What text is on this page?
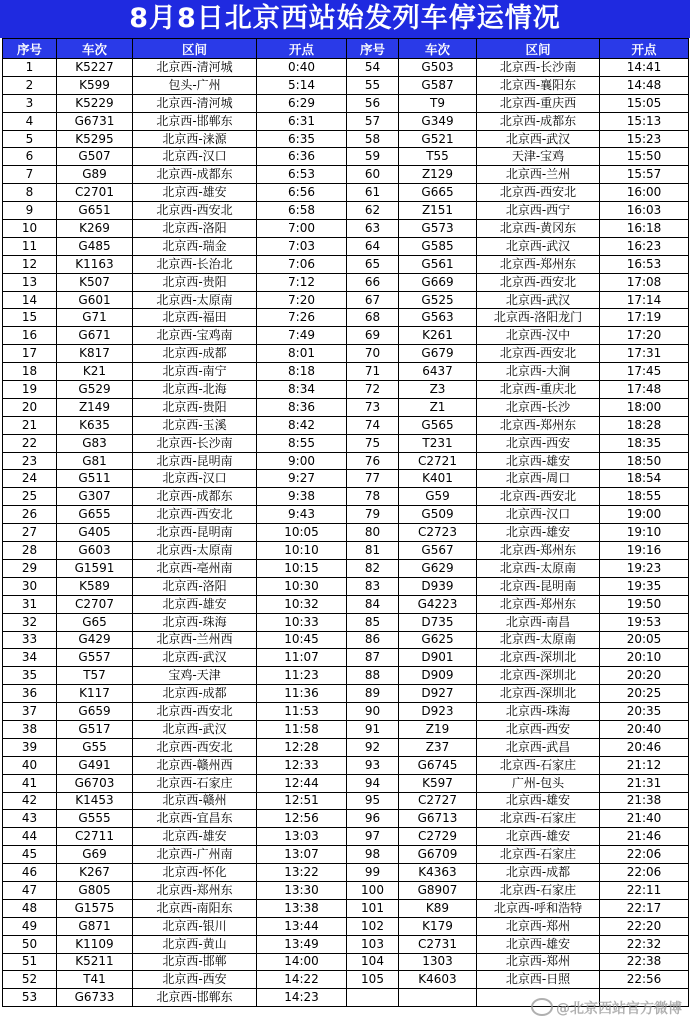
8月8日北京西站始发列车停运情况
序号	车次	区间	开点	序号	车次	区间	开点
1	K5227	北京西-清河城	0:40	54	G503	北京西-长沙南	14:41
2	K599	包头-广州	5:14	55	G587	北京西-襄阳东	14:48
3	K5229	北京西-清河城	6:29	56	T9	北京西-重庆西	15:05
4	G6731	北京西-邯郸东	6:31	57	G349	北京西-成都东	15:13
5	K5295	北京西-涞源	6:35	58	G521	北京西-武汉	15:23
6	G507	北京西-汉口	6:36	59	T55	天津-宝鸡	15:50
7	G89	北京西-成都东	6:53	60	Z129	北京西-兰州	15:57
8	C2701	北京西-雄安	6:56	61	G665	北京西-西安北	16:00
9	G651	北京西-西安北	6:58	62	Z151	北京西-西宁	16:03
10	K269	北京西-洛阳	7:00	63	G573	北京西-黄冈东	16:18
11	G485	北京西-瑞金	7:03	64	G585	北京西-武汉	16:23
12	K1163	北京西-长治北	7:06	65	G561	北京西-郑州东	16:53
13	K507	北京西-贵阳	7:12	66	G669	北京西-西安北	17:08
14	G601	北京西-太原南	7:20	67	G525	北京西-武汉	17:14
15	G71	北京西-福田	7:26	68	G563	北京西-洛阳龙门	17:19
16	G671	北京西-宝鸡南	7:49	69	K261	北京西-汉中	17:20
17	K817	北京西-成都	8:01	70	G679	北京西-西安北	17:31
18	K21	北京西-南宁	8:18	71	6437	北京西-大涧	17:45
19	G529	北京西-北海	8:34	72	Z3	北京西-重庆北	17:48
20	Z149	北京西-贵阳	8:36	73	Z1	北京西-长沙	18:00
21	K635	北京西-玉溪	8:42	74	G565	北京西-郑州东	18:28
22	G83	北京西-长沙南	8:55	75	T231	北京西-西安	18:35
23	G81	北京西-昆明南	9:00	76	C2721	北京西-雄安	18:50
24	G511	北京西-汉口	9:27	77	K401	北京西-周口	18:54
25	G307	北京西-成都东	9:38	78	G59	北京西-西安北	18:55
26	G655	北京西-西安北	9:43	79	G509	北京西-汉口	19:00
27	G405	北京西-昆明南	10:05	80	C2723	北京西-雄安	19:10
28	G603	北京西-太原南	10:10	81	G567	北京西-郑州东	19:16
29	G1591	北京西-亳州南	10:15	82	G629	北京西-太原南	19:23
30	K589	北京西-洛阳	10:30	83	D939	北京西-昆明南	19:35
31	C2707	北京西-雄安	10:32	84	G4223	北京西-郑州东	19:50
32	G65	北京西-珠海	10:33	85	D735	北京西-南昌	19:53
33	G429	北京西-兰州西	10:45	86	G625	北京西-太原南	20:05
34	G557	北京西-武汉	11:07	87	D901	北京西-深圳北	20:10
35	T57	宝鸡-天津	11:23	88	D909	北京西-深圳北	20:20
36	K117	北京西-成都	11:36	89	D927	北京西-深圳北	20:25
37	G659	北京西-西安北	11:53	90	D923	北京西-珠海	20:35
38	G517	北京西-武汉	11:58	91	Z19	北京西-西安	20:40
39	G55	北京西-西安北	12:28	92	Z37	北京西-武昌	20:46
40	G491	北京西-赣州西	12:33	93	G6745	北京西-石家庄	21:12
41	G6703	北京西-石家庄	12:44	94	K597	广州-包头	21:31
42	K1453	北京西-赣州	12:51	95	C2727	北京西-雄安	21:38
43	G555	北京西-宜昌东	12:56	96	G6713	北京西-石家庄	21:40
44	C2711	北京西-雄安	13:03	97	C2729	北京西-雄安	21:46
45	G69	北京西-广州南	13:07	98	G6709	北京西-石家庄	22:06
46	K267	北京西-怀化	13:22	99	K4363	北京西-成都	22:06
47	G805	北京西-郑州东	13:30	100	G8907	北京西-石家庄	22:11
48	G1575	北京西-南阳东	13:38	101	K89	北京西-呼和浩特	22:17
49	G871	北京西-银川	13:44	102	K179	北京西-郑州	22:20
50	K1109	北京西-黄山	13:49	103	C2731	北京西-雄安	22:32
51	K5211	北京西-邯郸	14:00	104	1303	北京西-郑州	22:38
52	T41	北京西-西安	14:22	105	K4603	北京西-日照	22:56
53	G6733	北京西-邯郸东	14:23				
@北京西站官方微博
